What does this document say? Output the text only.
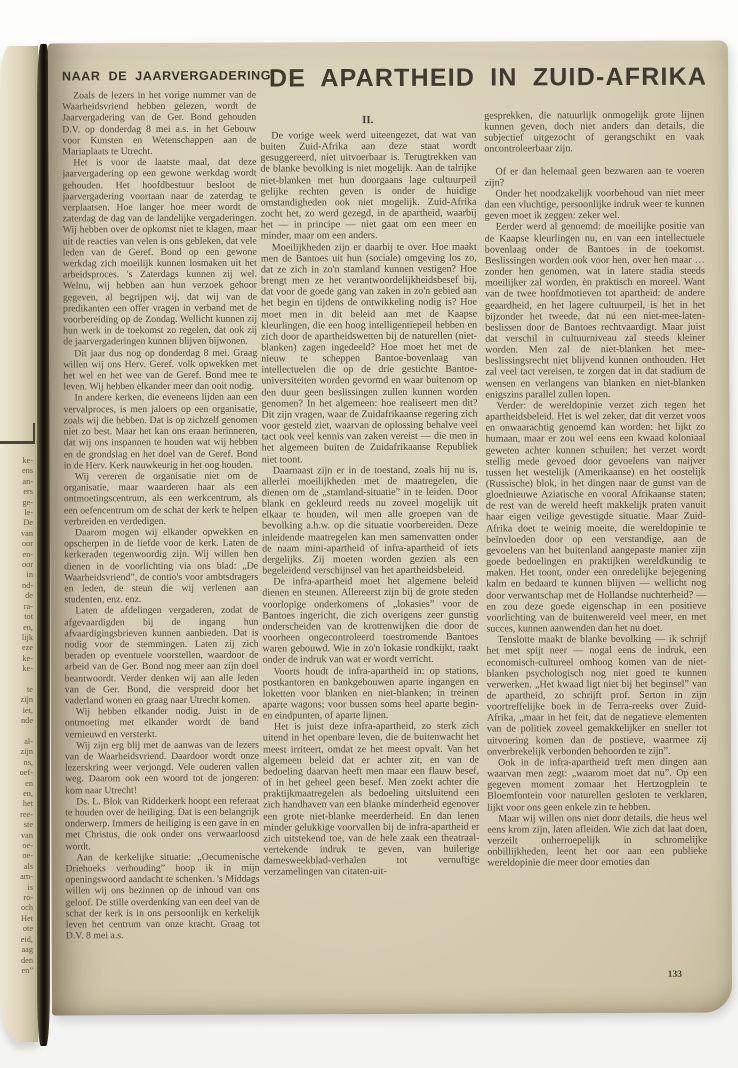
ke-
ens
an-
ers
ge-
le-
De
van
oor
en-
oor
in
nd-
de
ra-
tot
en,
lijk
eze
ke-
ke-

te
zijn
iet,
nde

al-
zijn
ns,
oef-
en
en,
het
ree-
ste
van
oe-
oe-
als
am-
is
ro-
och
Het
ote
eid,
aag
den
en”
NAAR DE JAARVERGADERING

Zoals de lezers in het vorige nummer van de Waarheidsvriend hebben gelezen, wordt de Jaarvergadering van de Ger. Bond gehouden D.V. op donderdag 8 mei a.s. in het Gebouw voor Kunsten en Wetenschappen aan de Mariaplaats te Utrecht.

Het is voor de laatste maal, dat deze jaarvergadering op een gewone werkdag wordt gehouden. Het hoofdbestuur besloot de jaarvergadering voortaan naar de zaterdag te verplaatsen. Hoe langer hoe meer wordt de zaterdag de dag van de landelijke vergaderingen. Wij hebben over de opkomst niet te klagen, maar uit de reacties van velen is ons gebleken, dat vele leden van de Geref. Bond op een gewone werkdag zich moeilijk kunnen losmaken uit het arbeidsproces. 's Zaterdags kunnen zij wel. Welnu, wij hebben aan hun verzoek gehoor gegeven, al begrijpen wij, dat wij van de predikanten een offer vragen in verband met de voorbereiding op de Zondag. Wellicht kunnen zij hun werk in de toekomst zo regelen, dat ook zij de jaarvergaderingen kunnen blijven bijwonen.

Dit jaar dus nog op donderdag 8 mei. Graag willen wij ons Herv. Geref. volk opwekken met het wel en het wee van de Geref. Bond mee te leven. Wij hebben elkander meer dan ooit nodig.

In andere kerken, die eveneens lijden aan een vervalproces, is men jaloers op een organisatie, zoals wij die hebben. Dat is op zichzelf genomen niet zo best. Maar het kan ons eraan herinneren, dat wij ons inspannen te houden wat wij hebben en de grondslag en het doel van de Geref. Bond in de Herv. Kerk nauwkeurig in het oog houden.

Wij vereren de organisatie niet om de organisatie, maar waarderen haar als een ontmoetingscentrum, als een werkcentrum, als een oefencentrum om de schat der kerk te helpen verbreiden en verdedigen.

Daarom mogen wij elkander opwekken en opscherpen in de liefde voor de kerk. Laten de kerkeraden tegenwoordig zijn. Wij willen hen dienen in de voorlichting via ons blad: „De Waarheidsvriend”, de contio's voor ambtsdragers en leden, de steun die wij verlenen aan studenten, enz. enz.

Laten de afdelingen vergaderen, zodat de afgevaardigden bij de ingang hun afvaardigingsbrieven kunnen aanbieden. Dat is nodig voor de stemmingen. Laten zij zich beraden op eventuele voorstellen, waardoor de arbeid van de Ger. Bond nog meer aan zijn doel beantwoordt. Verder denken wij aan alle leden van de Ger. Bond, die verspreid door het vaderland wonen en graag naar Utrecht komen.

Wij hebben elkander nodig. Juist in de ontmoeting met elkander wordt de band vernieuwd en versterkt.

Wij zijn erg blij met de aanwas van de lezers van de Waarheidsvriend. Daardoor wordt onze lezerskring weer verjongd. Vele ouderen vallen weg. Daarom ook een woord tot de jongeren: kom naar Utrecht!

Ds. L. Blok van Ridderkerk hoopt een referaat te houden over de heiliging. Dat is een belangrijk onderwerp. Immers de heiliging is een gave in en met Christus, die ook onder ons verwaarloosd wordt.

Aan de kerkelijke situatie: „Oecumenische Driehoeks verhouding” hoop ik in mijn openingswoord aandacht te schenken. 's Middags willen wij ons bezinnen op de inhoud van ons geloof. De stille overdenking van een deel van de schat der kerk is in ons persoonlijk en kerkelijk leven het centrum van onze kracht. Graag tot D.V. 8 mei a.s.

DE APARTHEID IN ZUID-AFRIKA
II.

De vorige week werd uiteengezet, dat wat van buiten Zuid-Afrika aan deze staat wordt gesuggereerd, niet uitvoerbaar is. Terugtrekken van de blanke bevolking is niet mogelijk. Aan de talrijke niet-blanken met hun doorgaans lage cultuurpeil gelijke rechten geven is onder de huidige omstandigheden ook niet mogelijk. Zuid-Afrika zocht het, zo werd gezegd, in de apartheid, waarbij het — in principe — niet gaat om een meer en minder, maar om een anders.

Moeilijkheden zijn er daarbij te over. Hoe maakt men de Bantoes uit hun (sociale) omgeving los zo, dat ze zich in zo'n stamland kunnen vestigen? Hoe brengt men ze het verantwoordelijkheidsbesef bij, dat voor de goede gang van zaken in zo'n gebied aan het begin en tijdens de ontwikkeling nodig is? Hoe moet men in dit beleid aan met de Kaapse kleurlingen, die een hoog intelligentiepeil hebben en zich door de apartheidswetten bij de naturellen (niet-blanken) zagen ingedeeld? Hoe moet het met de nieuw te scheppen Bantoe-bovenlaag van intellectuelen die op de drie gestichte Bantoe-universiteiten worden gevormd en waar buitenom op den duur geen beslissingen zullen kunnen worden genomen? In het algemeen: hoe realiseert men dit? Dit zijn vragen, waar de Zuidafrikaanse regering zich voor gesteld ziet, waarvan de oplossing behalve veel tact ook veel kennis van zaken vereist — die men in het algemeen buiten de Zuidafrikaanse Republiek niet toont.

Daarnaast zijn er in de toestand, zoals hij nu is, allerlei moeilijkheden met de maatregelen, die dienen om de „stamland-situatie” in te leiden. Door blank en gekleurd reeds nu zoveel mogelijk uit elkaar te houden, wil men alle groepen van de bevolking a.h.w. op die situatie voorbereiden. Deze inleidende maatregelen kan men samenvatten onder de naam mini-apartheid of infra-apartheid of iets dergelijks. Zij moeten worden gezien als een begeleidend verschijnsel van het apartheidsbeleid.

De infra-apartheid moet het algemene beleid dienen en steunen. Allereerst zijn bij de grote steden voorlopige onderkomens of „lokasies” voor de Bantoes ingericht, die zich overigens zeer gunstig onderscheiden van de krottenwijken die door de voorheen ongecontroleerd toestromende Bantoes waren gebouwd. Wie in zo'n lokasie rondkijkt, raakt onder de indruk van wat er wordt verricht.

Voorts houdt de infra-apartheid in: op stations, postkantoren en bankgebouwen aparte ingangen en loketten voor blanken en niet-blanken; in treinen aparte wagons; voor bussen soms heel aparte begin- en eindpunten, of aparte lijnen.

Het is juist deze infra-apartheid, zo sterk zich uitend in het openbare leven, die de buitenwacht het meest irriteert, omdat ze het meest opvalt. Van het algemeen beleid dat er achter zit, en van de bedoeling daarvan heeft men maar een flauw besef, of in het geheel geen besef. Men zoekt achter die praktijkmaatregelen als bedoeling uitsluitend een zich handhaven van een blanke minderheid egenover een grote niet-blanke meerderheid. En dan lenen minder gelukkige voorvallen bij de infra-apartheid er zich uitstekend toe, van de hele zaak een theatraal-vertekende indruk te geven, van huilerige damesweekblad-verhalen tot vernuftige verzamelingen van citaten-uit-

gesprekken, die natuurlijk onmogelijk grote lijnen kunnen geven, doch niet anders dan details, die subjectief uitgezocht of gerangschikt en vaak oncontroleerbaar zijn.

Of er dan helemaal geen bezwaren aan te voeren zijn?

Onder het noodzakelijk voorbehoud van niet meer dan een vluchtige, persoonlijke indruk weer te kunnen geven moet ik zeggen: zeker wel.

Eerder werd al genoemd: de moeilijke positie van de Kaapse kleurlingen nu, en van een intellectuele bovenlaag onder de Bantoes in de toekomst. Beslissingen worden ook voor hen, over hen maar … zonder hen genomen, wat in latere stadia steeds moeilijker zal worden, èn praktisch en moreel. Want van de twee hoofdmotieven tot apartheid: de andere geaardheid, en het lagere cultuurpeil, is het in het bijzonder het tweede, dat nú een niet-mee-laten-beslissen door de Bantoes rechtvaardigt. Maar juist dat verschil in cultuurniveau zal steeds kleiner worden. Men zal de niet-blanken het mee-beslissingsrecht niet blijvend kunnen onthouden. Het zal veel tact vereisen, te zorgen dat in dat stadium de wensen en verlangens van blanken en niet-blanken enigszins parallel zullen lopen.

Verder: de wereldopinie verzet zich tegen het apartheidsbeleid. Het is wel zeker, dat dit verzet voos en onwaarachtig genoemd kan worden: het lijkt zo humaan, maar er zou wel eens een kwaad koloniaal geweten achter kunnen schuilen; het verzet wordt stellig mede gevoed door gevoelens van naijver tussen het westelijk (Amerikaanse) en het oostelijk (Russische) blok, in het dingen naar de gunst van de gloednieuwe Aziatische en vooral Afrikaanse staten; de rest van de wereld heeft makkelijk praten vanuit haar eigen veilige gevestigde situatie. Maar Zuid-Afrika doet te weinig moeite, die wereldopinie te beïnvloeden door op een verstandige, aan de gevoelens van het buitenland aangepaste manier zijn goede bedoelingen en praktijken wereldkundig te maken. Het toont, onder een onredelijke bejegening kalm en bedaard te kunnen blijven — wellicht nog door verwantschap met de Hollandse nuchterheid? — en zou deze goede eigenschap in een positieve voorlichting van de buitenwereld veel meer, en met succes, kunnen aanwenden dan het nu doet.

Tenslotte maakt de blanke bevolking — ik schrijf het met spijt neer — nogal eens de indruk, een economisch-cultureel omhoog komen van de niet-blanken psychologisch nog niet goed te kunnen verwerken. „Het kwaad ligt niet bij het beginsel” van de apartheid, zo schrijft prof. Serton in zijn voortreffelijke boek in de Terra-reeks over Zuid-Afrika, „maar in het feit, dat de negatieve elementen van de politiek zoveel gemakkelijker en sneller tot uitvoering komen dan de postieve, waarmee zij onverbrekelijk verbonden behoorden te zijn”.

Ook in de infra-apartheid treft men dingen aan waarvan men zegt: „waarom moet dat nu”. Op een gegeven moment zomaar het Hertzogplein te Bloemfontein voor naturellen gesloten te verklaren, lijkt voor ons geen enkele zin te hebben.

Maar wij willen ons niet door details, die heus wel eens krom zijn, laten afleiden. Wie zich dat laat doen, verzeilt onherroepelijk in schromelijke onbillijkheden, leent het oor aan een publieke wereldopinie die meer door emoties dan

133
